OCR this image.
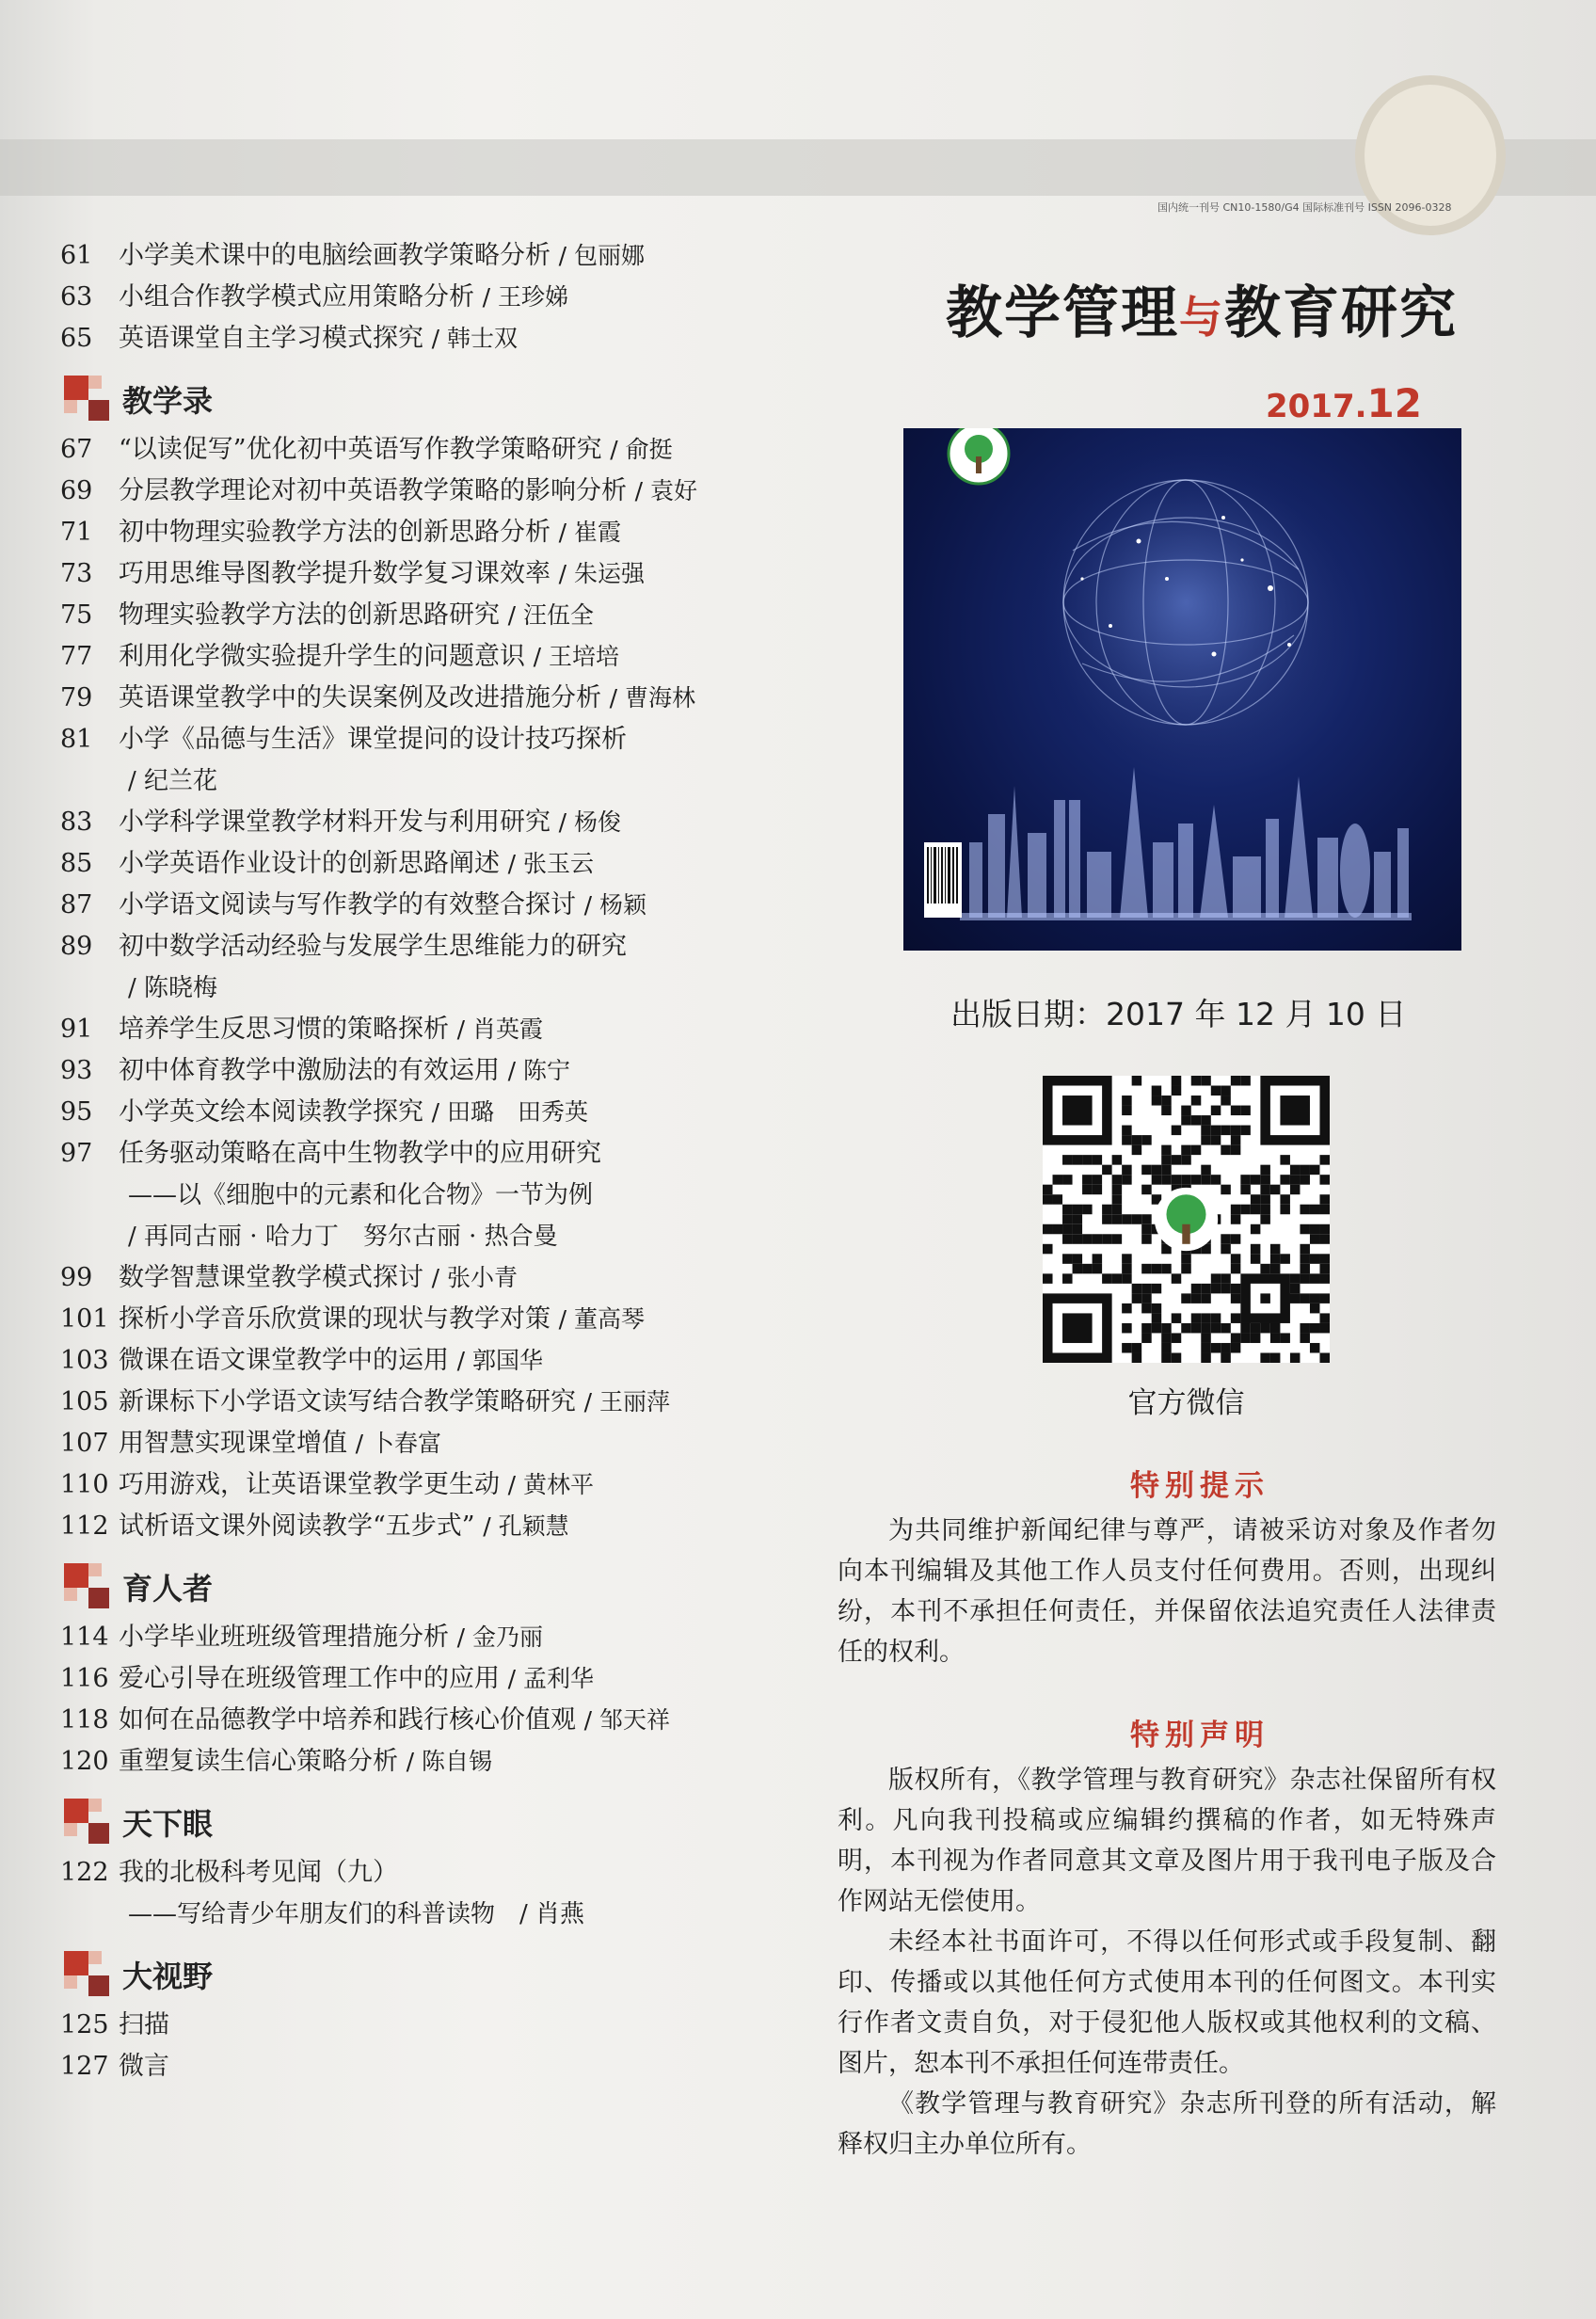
61	小学美术课中的电脑绘画教学策略分析 / 包丽娜
63	小组合作教学模式应用策略分析 / 王珍娣
65	英语课堂自主学习模式探究 / 韩士双
教学录
67	“以读促写”优化初中英语写作教学策略研究 / 俞挺
69	分层教学理论对初中英语教学策略的影响分析 / 袁好
71	初中物理实验教学方法的创新思路分析 / 崔霞
73	巧用思维导图教学提升数学复习课效率 / 朱运强
75	物理实验教学方法的创新思路研究 / 汪伍全
77	利用化学微实验提升学生的问题意识 / 王培培
79	英语课堂教学中的失误案例及改进措施分析 / 曹海林
81	小学《品德与生活》课堂提问的设计技巧探析
/ 纪兰花
83	小学科学课堂教学材料开发与利用研究 / 杨俊
85	小学英语作业设计的创新思路阐述 / 张玉云
87	小学语文阅读与写作教学的有效整合探讨 / 杨颖
89	初中数学活动经验与发展学生思维能力的研究
/ 陈晓梅
91	培养学生反思习惯的策略探析 / 肖英霞
93	初中体育教学中激励法的有效运用 / 陈宁
95	小学英文绘本阅读教学探究 / 田璐　田秀英
97	任务驱动策略在高中生物教学中的应用研究
——以《细胞中的元素和化合物》一节为例
/ 再同古丽 · 哈力丁　努尔古丽 · 热合曼
99	数学智慧课堂教学模式探讨 / 张小青
101 探析小学音乐欣赏课的现状与教学对策 / 董高琴
103 微课在语文课堂教学中的运用 / 郭国华
105 新课标下小学语文读写结合教学策略研究 / 王丽萍
107 用智慧实现课堂增值 / 卜春富
110 巧用游戏，让英语课堂教学更生动 / 黄林平
112 试析语文课外阅读教学“五步式” / 孔颖慧
育人者
114 小学毕业班班级管理措施分析 / 金乃丽
116 爱心引导在班级管理工作中的应用 / 孟利华
118 如何在品德教学中培养和践行核心价值观 / 邹天祥
120 重塑复读生信心策略分析 / 陈自锡
天下眼
122 我的北极科考见闻（九）
——写给青少年朋友们的科普读物　/ 肖燕
大视野
125 扫描
127 微言
国内统一刊号 CN10-1580/G4 国际标准刊号 ISSN 2096-0328
教学管理与教育研究
2017.12
出版日期：2017 年 12 月 10 日
官方微信
特别提示

为共同维护新闻纪律与尊严，请被采访对象及作者勿向本刊编辑及其他工作人员支付任何费用。否则，出现纠纷，本刊不承担任何责任，并保留依法追究责任人法律责任的权利。

特别声明

版权所有，《教学管理与教育研究》杂志社保留所有权利。凡向我刊投稿或应编辑约撰稿的作者，如无特殊声明，本刊视为作者同意其文章及图片用于我刊电子版及合作网站无偿使用。

未经本社书面许可，不得以任何形式或手段复制、翻印、传播或以其他任何方式使用本刊的任何图文。本刊实行作者文责自负，对于侵犯他人版权或其他权利的文稿、图片，恕本刊不承担任何连带责任。

《教学管理与教育研究》杂志所刊登的所有活动，解释权归主办单位所有。
